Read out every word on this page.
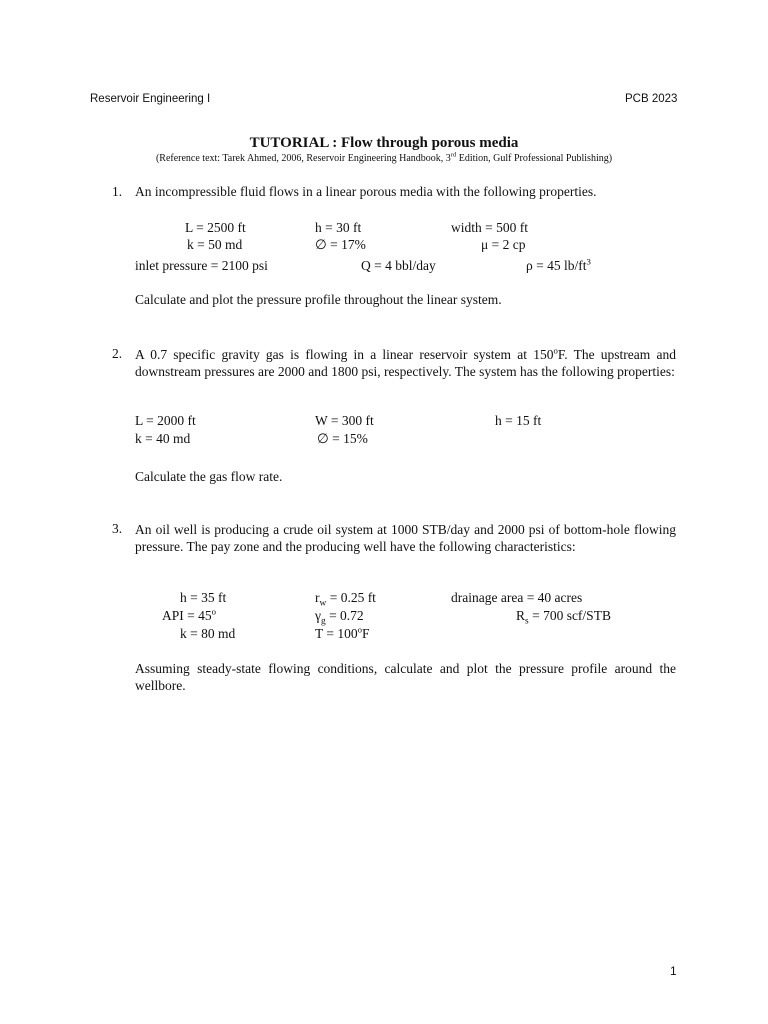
Reservoir Engineering I	PCB 2023
TUTORIAL : Flow through porous media
(Reference text: Tarek Ahmed, 2006, Reservoir Engineering Handbook, 3rd Edition, Gulf Professional Publishing)
1. An incompressible fluid flows in a linear porous media with the following properties.
L = 2500 ft	h = 30 ft	width = 500 ft
k = 50 md	∅ = 17%	μ = 2 cp
inlet pressure = 2100 psi	Q = 4 bbl/day	ρ = 45 $lb/ft^3$
Calculate and plot the pressure profile throughout the linear system.
2. A 0.7 specific gravity gas is flowing in a linear reservoir system at 150$^o$F. The upstream and downstream pressures are 2000 and 1800 psi, respectively. The system has the following properties:
L = 2000 ft	W = 300 ft	h = 15 ft
k = 40 md	∅ = 15%
Calculate the gas flow rate.
3. An oil well is producing a crude oil system at 1000 STB/day and 2000 psi of bottom-hole flowing pressure. The pay zone and the producing well have the following characteristics:
h = 35 ft	$r_w = 0.25$ ft	drainage area = 40 acres
API = $45^o$	$\gamma_g = 0.72$	$R_s = 700$ scf/STB
k = 80 md	$T = 100^oF$
Assuming steady-state flowing conditions, calculate and plot the pressure profile around the wellbore.
1
